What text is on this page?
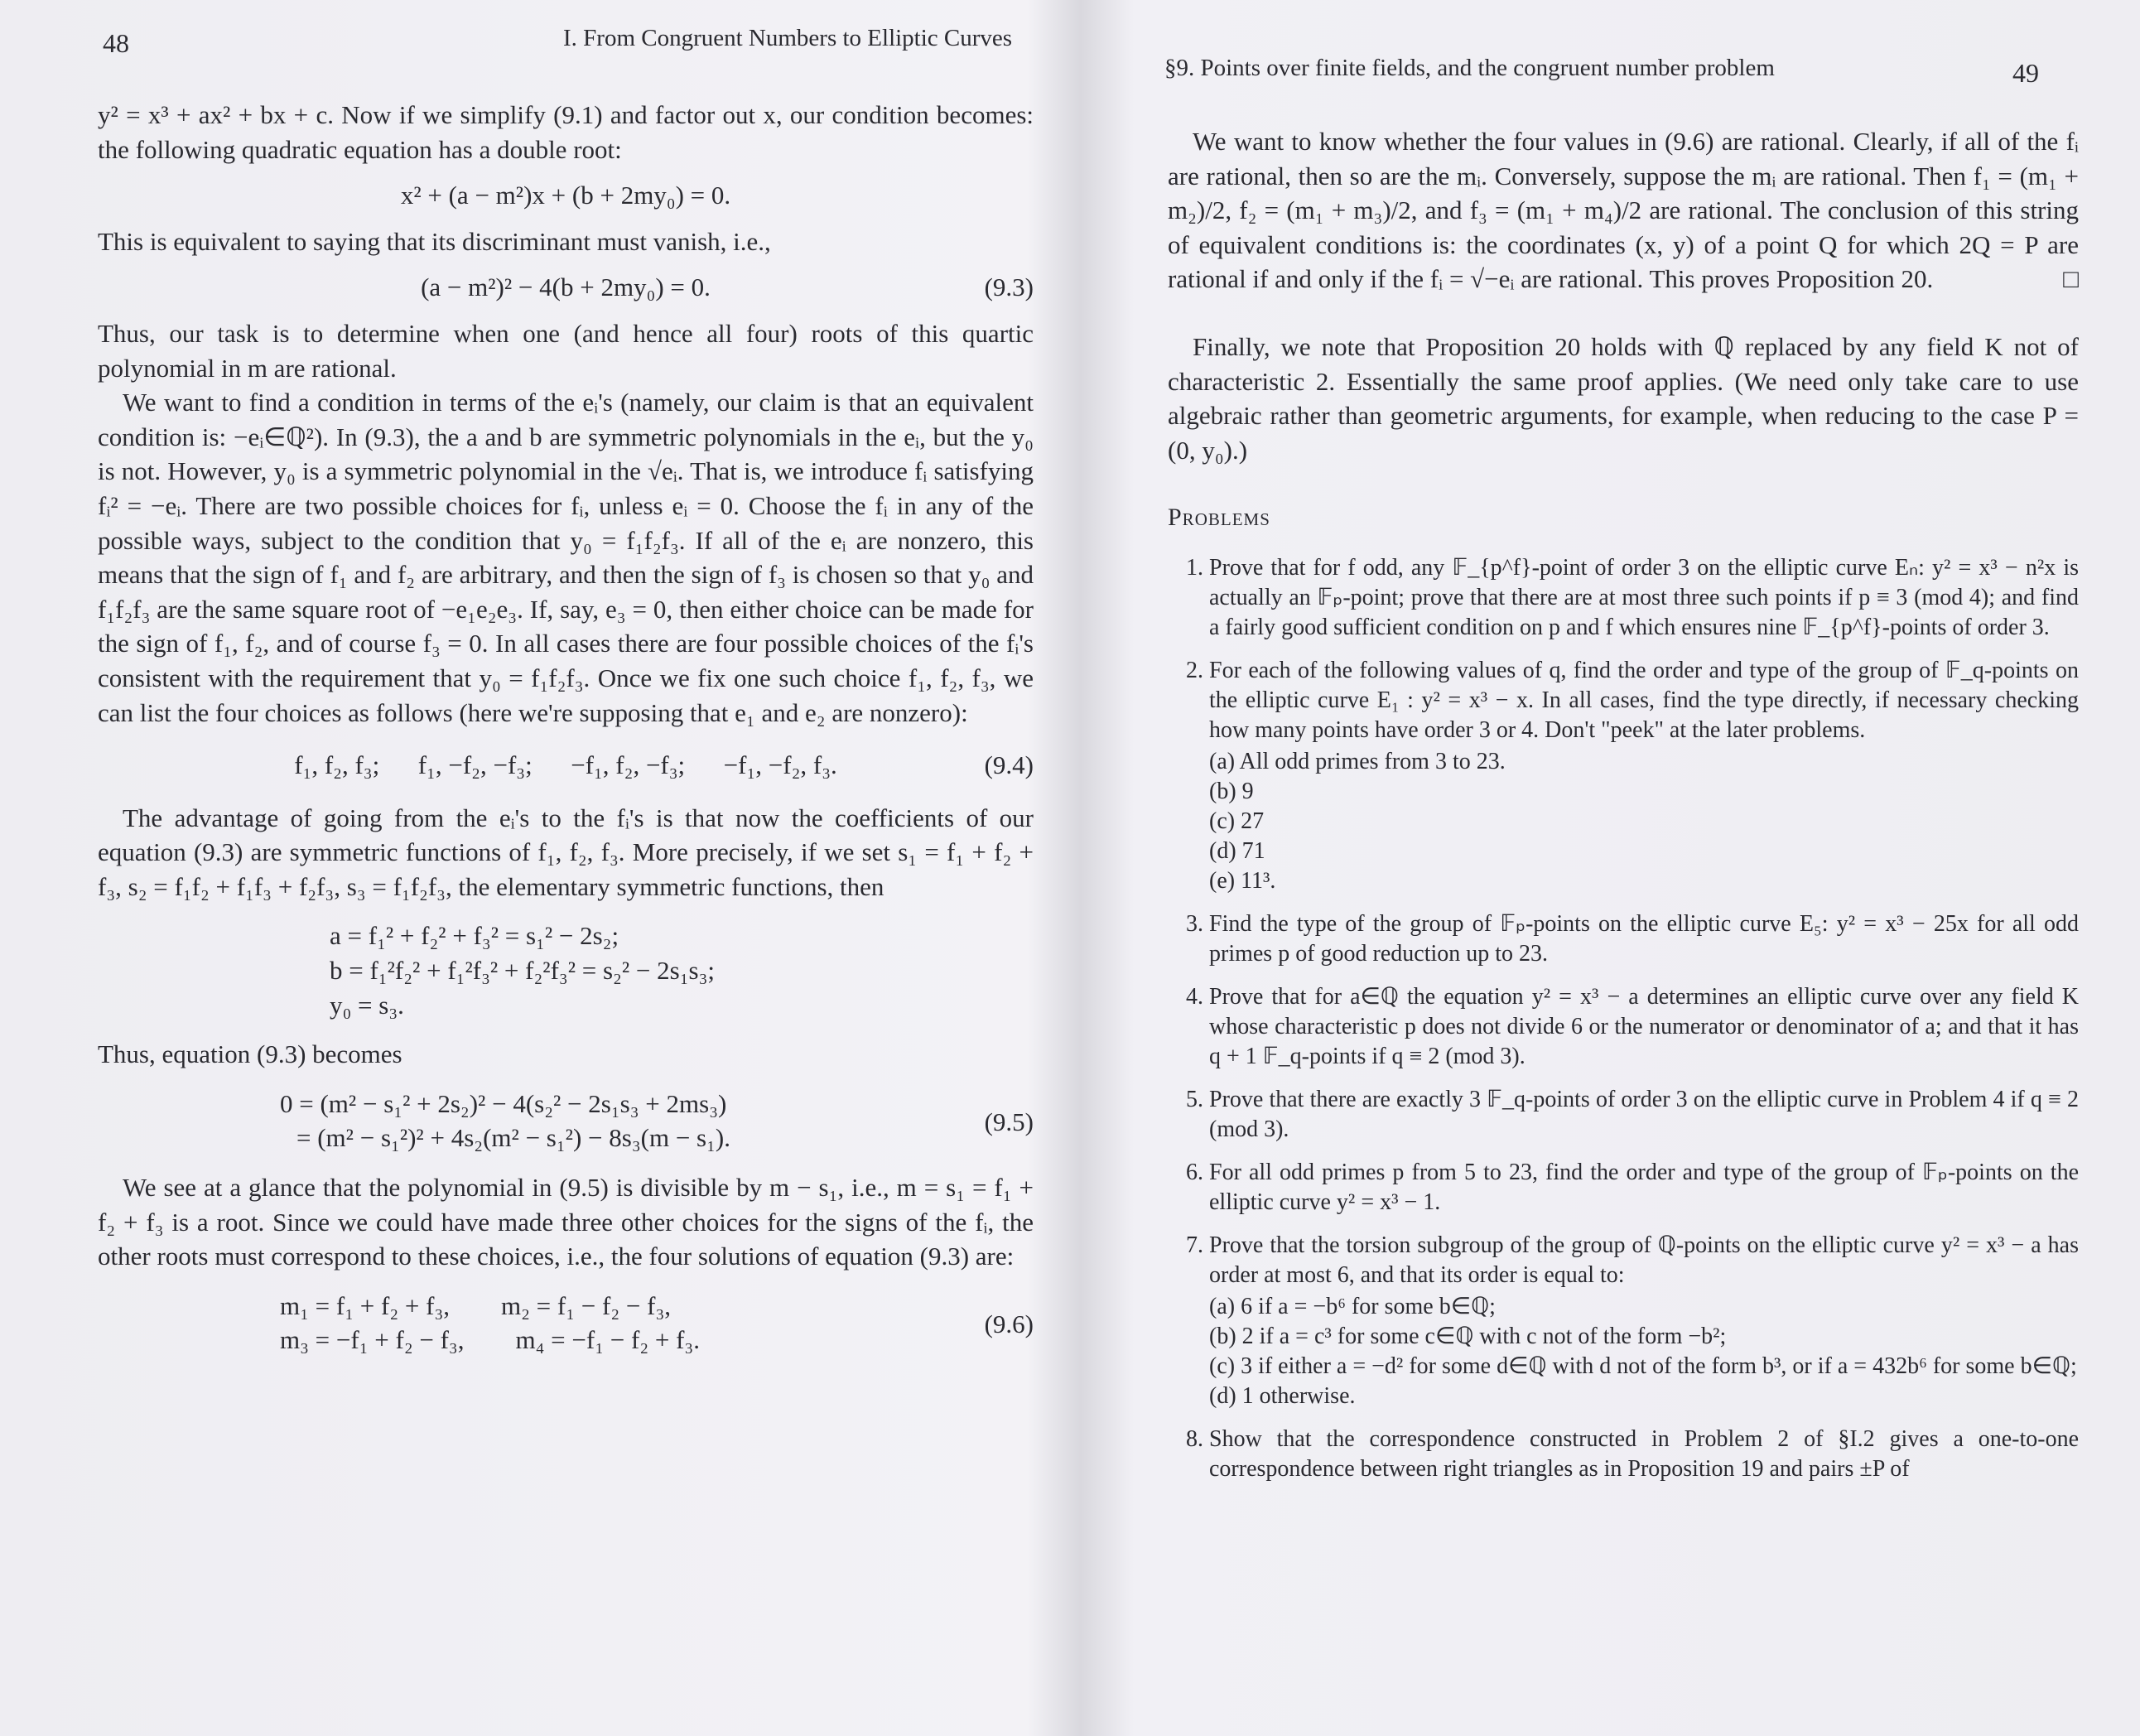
48	I. From Congruent Numbers to Elliptic Curves

y² = x³ + ax² + bx + c. Now if we simplify (9.1) and factor out x, our condition becomes: the following quadratic equation has a double root:

x² + (a − m²)x + (b + 2my₀) = 0.

This is equivalent to saying that its discriminant must vanish, i.e.,

(a − m²)² − 4(b + 2my₀) = 0.	(9.3)

Thus, our task is to determine when one (and hence all four) roots of this quartic polynomial in m are rational.

We want to find a condition in terms of the eᵢ's (namely, our claim is that an equivalent condition is: −eᵢ∈ℚ²). In (9.3), the a and b are symmetric polynomials in the eᵢ, but the y₀ is not. However, y₀ is a symmetric polynomial in the √eᵢ. That is, we introduce fᵢ satisfying fᵢ² = −eᵢ. There are two possible choices for fᵢ, unless eᵢ = 0. Choose the fᵢ in any of the possible ways, subject to the condition that y₀ = f₁f₂f₃. If all of the eᵢ are nonzero, this means that the sign of f₁ and f₂ are arbitrary, and then the sign of f₃ is chosen so that y₀ and f₁f₂f₃ are the same square root of −e₁e₂e₃. If, say, e₃ = 0, then either choice can be made for the sign of f₁, f₂, and of course f₃ = 0. In all cases there are four possible choices of the fᵢ's consistent with the requirement that y₀ = f₁f₂f₃. Once we fix one such choice f₁, f₂, f₃, we can list the four choices as follows (here we're supposing that e₁ and e₂ are nonzero):

f₁, f₂, f₃;      f₁, −f₂, −f₃;      −f₁, f₂, −f₃;      −f₁, −f₂, f₃.	(9.4)

The advantage of going from the eᵢ's to the fᵢ's is that now the coefficients of our equation (9.3) are symmetric functions of f₁, f₂, f₃. More precisely, if we set s₁ = f₁ + f₂ + f₃, s₂ = f₁f₂ + f₁f₃ + f₂f₃, s₃ = f₁f₂f₃, the elementary symmetric functions, then

a = f₁² + f₂² + f₃² = s₁² − 2s₂;
b = f₁²f₂² + f₁²f₃² + f₂²f₃² = s₂² − 2s₁s₃;
y₀ = s₃.

Thus, equation (9.3) becomes

0 = (m² − s₁² + 2s₂)² − 4(s₂² − 2s₁s₃ + 2ms₃)
= (m² − s₁²)² + 4s₂(m² − s₁²) − 8s₃(m − s₁).
(9.5)

We see at a glance that the polynomial in (9.5) is divisible by m − s₁, i.e., m = s₁ = f₁ + f₂ + f₃ is a root. Since we could have made three other choices for the signs of the fᵢ, the other roots must correspond to these choices, i.e., the four solutions of equation (9.3) are:

m₁ = f₁ + f₂ + f₃,        m₂ = f₁ − f₂ − f₃,
m₃ = −f₁ + f₂ − f₃,        m₄ = −f₁ − f₂ + f₃.
(9.6)
§9. Points over finite fields, and the congruent number problem	49

We want to know whether the four values in (9.6) are rational. Clearly, if all of the fᵢ are rational, then so are the mᵢ. Conversely, suppose the mᵢ are rational. Then f₁ = (m₁ + m₂)/2, f₂ = (m₁ + m₃)/2, and f₃ = (m₁ + m₄)/2 are rational. The conclusion of this string of equivalent conditions is: the coordinates (x, y) of a point Q for which 2Q = P are rational if and only if the fᵢ = √−eᵢ are rational. This proves Proposition 20.	□

Finally, we note that Proposition 20 holds with ℚ replaced by any field K not of characteristic 2. Essentially the same proof applies. (We need only take care to use algebraic rather than geometric arguments, for example, when reducing to the case P = (0, y₀).)

Problems
1. Prove that for f odd, any 𝔽_{p^f}-point of order 3 on the elliptic curve Eₙ: y² = x³ − n²x is actually an 𝔽ₚ-point; prove that there are at most three such points if p ≡ 3 (mod 4); and find a fairly good sufficient condition on p and f which ensures nine 𝔽_{p^f}-points of order 3.
2. For each of the following values of q, find the order and type of the group of 𝔽_q-points on the elliptic curve E₁ : y² = x³ − x. In all cases, find the type directly, if necessary checking how many points have order 3 or 4. Don't "peek" at the later problems.
(a) All odd primes from 3 to 23.
(b) 9
(c) 27
(d) 71
(e) 11³.
3. Find the type of the group of 𝔽ₚ-points on the elliptic curve E₅: y² = x³ − 25x for all odd primes p of good reduction up to 23.
4. Prove that for a∈ℚ the equation y² = x³ − a determines an elliptic curve over any field K whose characteristic p does not divide 6 or the numerator or denominator of a; and that it has q + 1 𝔽_q-points if q ≡ 2 (mod 3).
5. Prove that there are exactly 3 𝔽_q-points of order 3 on the elliptic curve in Problem 4 if q ≡ 2 (mod 3).
6. For all odd primes p from 5 to 23, find the order and type of the group of 𝔽ₚ-points on the elliptic curve y² = x³ − 1.
7. Prove that the torsion subgroup of the group of ℚ-points on the elliptic curve y² = x³ − a has order at most 6, and that its order is equal to:
(a) 6 if a = −b⁶ for some b∈ℚ;
(b) 2 if a = c³ for some c∈ℚ with c not of the form −b²;
(c) 3 if either a = −d² for some d∈ℚ with d not of the form b³, or if a = 432b⁶ for some b∈ℚ;
(d) 1 otherwise.
8. Show that the correspondence constructed in Problem 2 of §I.2 gives a one-to-one correspondence between right triangles as in Proposition 19 and pairs ±P of
